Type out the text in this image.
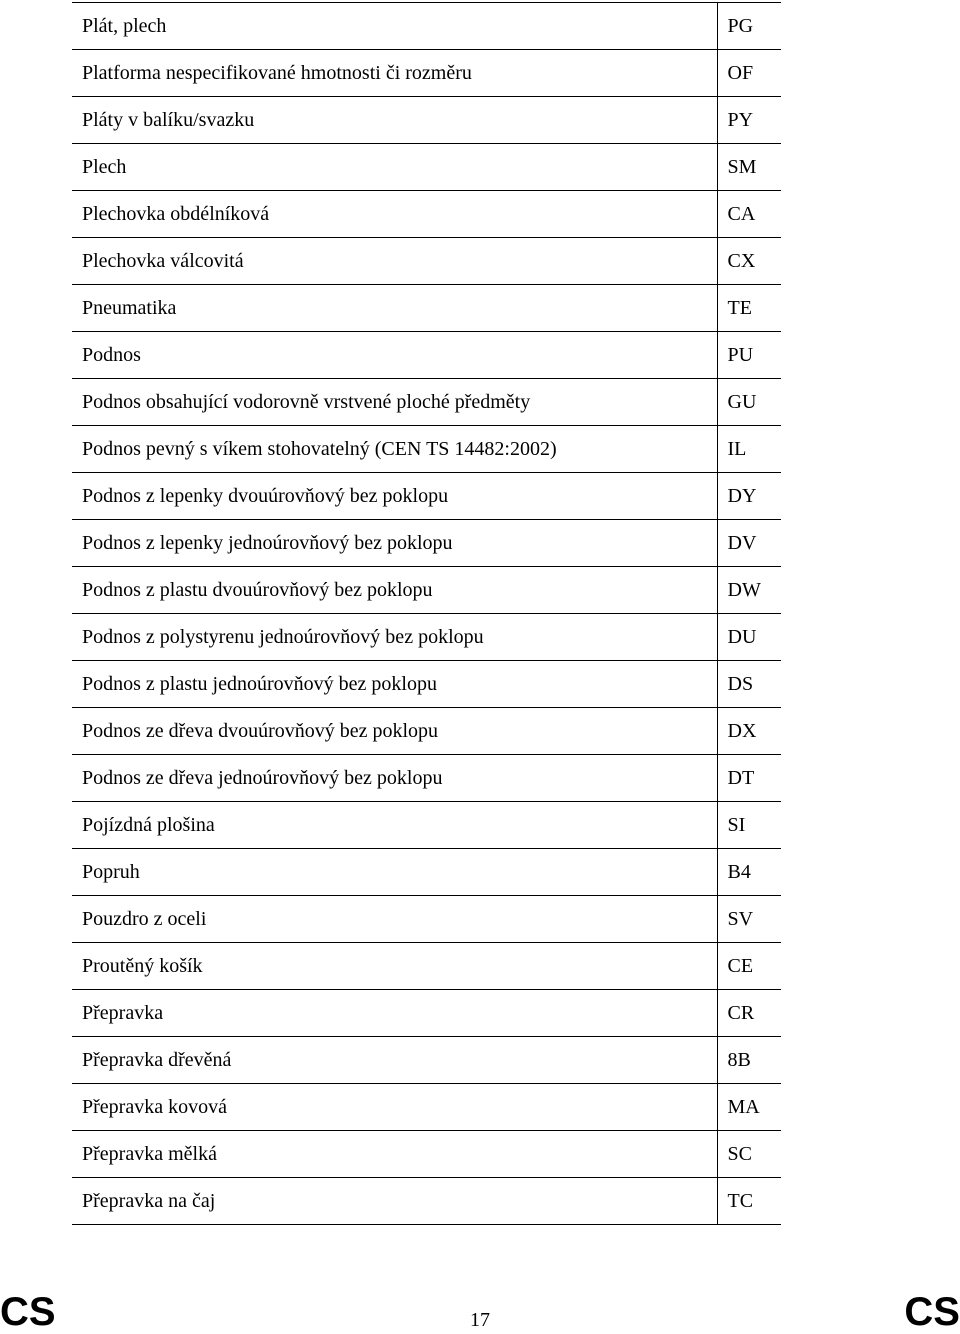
Plát, plech	PG
Platforma nespecifikované hmotnosti či rozměru	OF
Pláty v balíku/svazku	PY
Plech	SM
Plechovka obdélníková	CA
Plechovka válcovitá	CX
Pneumatika	TE
Podnos	PU
Podnos obsahující vodorovně vrstvené ploché předměty	GU
Podnos pevný s víkem stohovatelný (CEN TS 14482:2002)	IL
Podnos z lepenky dvouúrovňový bez poklopu	DY
Podnos z lepenky jednoúrovňový bez poklopu	DV
Podnos z plastu dvouúrovňový bez poklopu	DW
Podnos z polystyrenu jednoúrovňový bez poklopu	DU
Podnos z plastu jednoúrovňový bez poklopu	DS
Podnos ze dřeva dvouúrovňový bez poklopu	DX
Podnos ze dřeva jednoúrovňový bez poklopu	DT
Pojízdná plošina	SI
Popruh	B4
Pouzdro z oceli	SV
Proutěný košík	CE
Přepravka	CR
Přepravka dřevěná	8B
Přepravka kovová	MA
Přepravka mělká	SC
Přepravka na čaj	TC
CS	17	CS
